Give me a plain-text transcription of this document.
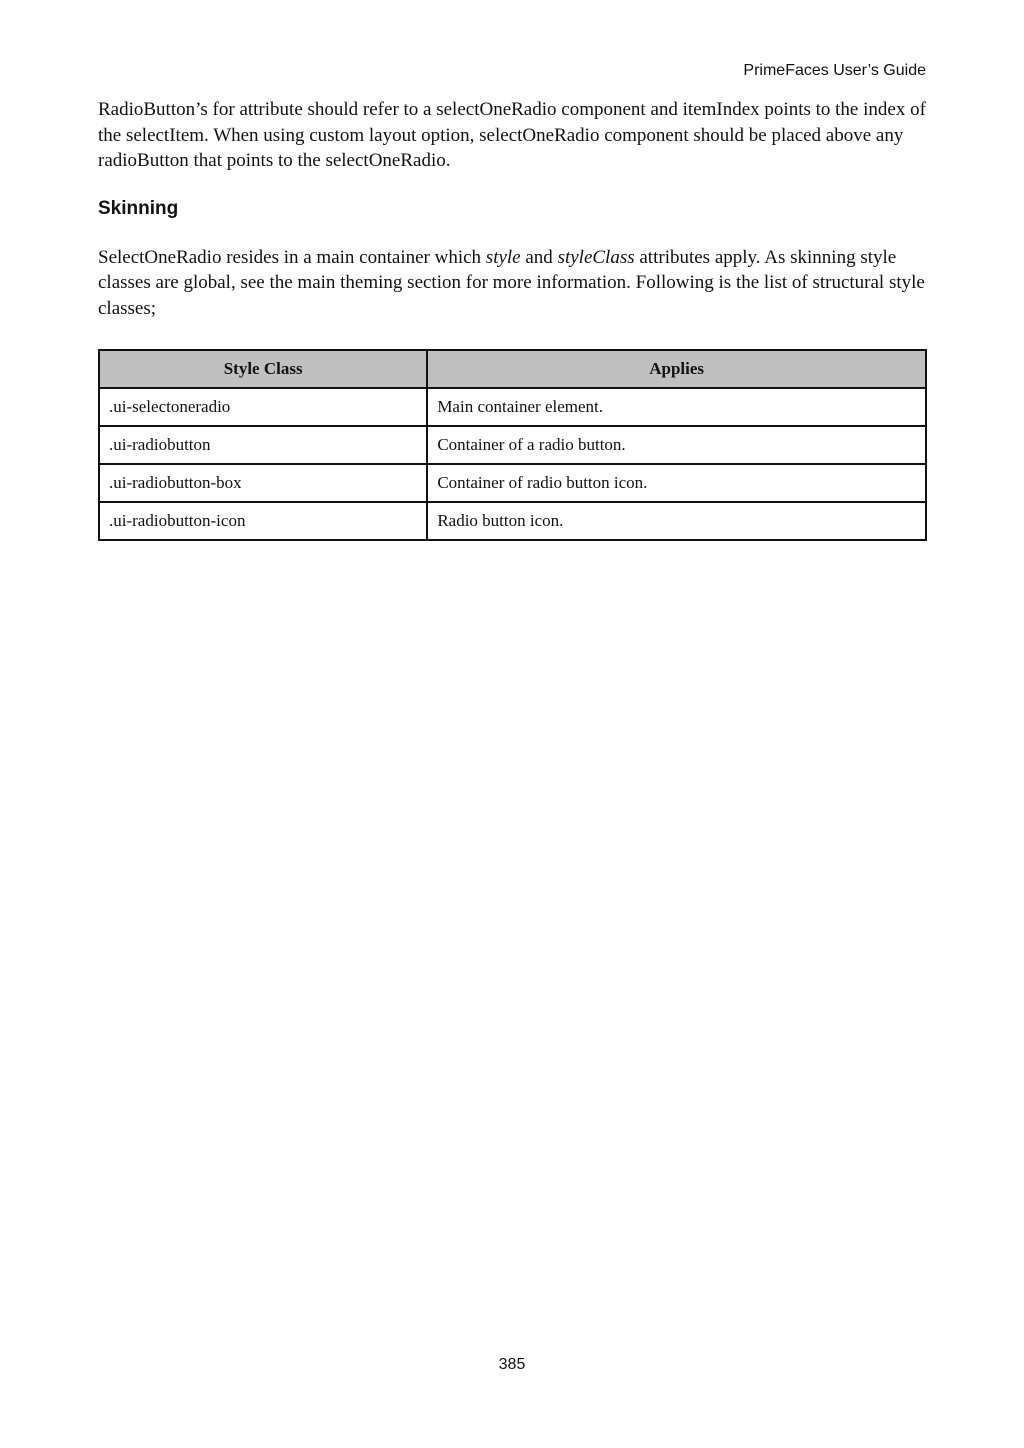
PrimeFaces User’s Guide

RadioButton’s for attribute should refer to a selectOneRadio component and itemIndex points to the index of the selectItem. When using custom layout option, selectOneRadio component should be placed above any radioButton that points to the selectOneRadio.

Skinning

SelectOneRadio resides in a main container which style and styleClass attributes apply. As skinning style classes are global, see the main theming section for more information. Following is the list of structural style classes;

Style Class	Applies
.ui-selectoneradio	Main container element.
.ui-radiobutton	Container of a radio button.
.ui-radiobutton-box	Container of radio button icon.
.ui-radiobutton-icon	Radio button icon.
385
